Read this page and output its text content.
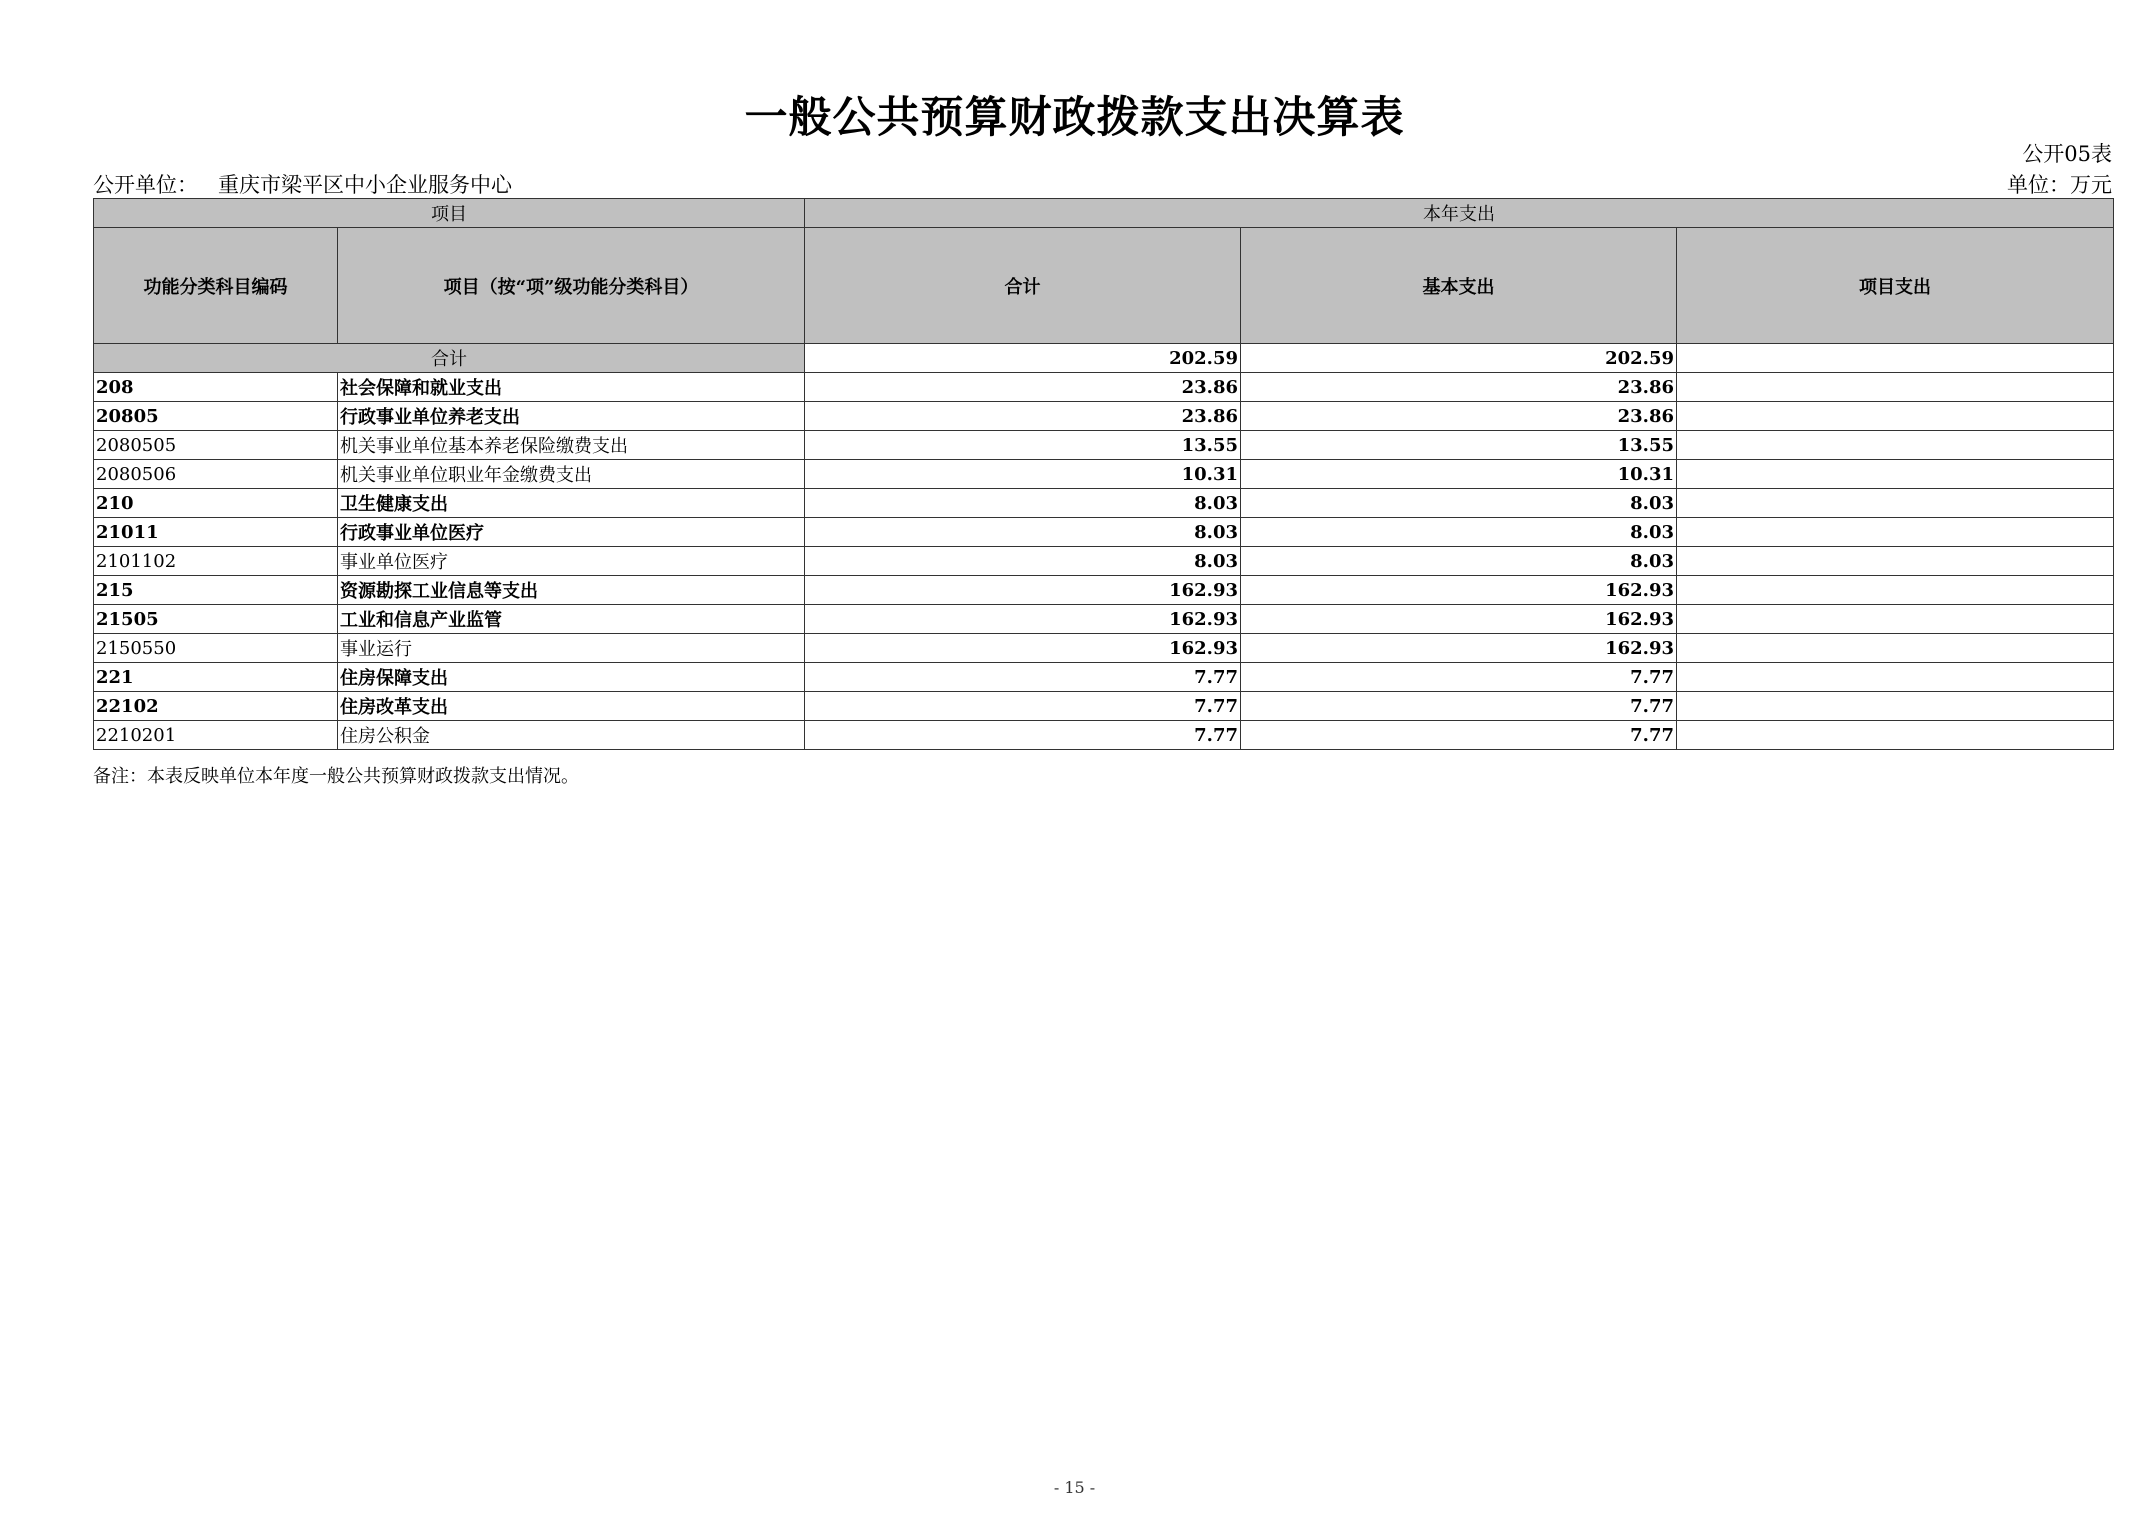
一般公共预算财政拨款支出决算表
公开05表
公开单位： 重庆市梁平区中小企业服务中心	单位：万元
项目		本年支出		
功能分类科目编码	项目（按“项”级功能分类科目）	合计	基本支出	项目支出
合计		202.59	202.59	
208	社会保障和就业支出	23.86	23.86	
20805	行政事业单位养老支出	23.86	23.86	
2080505	机关事业单位基本养老保险缴费支出	13.55	13.55	
2080506	机关事业单位职业年金缴费支出	10.31	10.31	
210	卫生健康支出	8.03	8.03	
21011	行政事业单位医疗	8.03	8.03	
2101102	事业单位医疗	8.03	8.03	
215	资源勘探工业信息等支出	162.93	162.93	
21505	工业和信息产业监管	162.93	162.93	
2150550	事业运行	162.93	162.93	
221	住房保障支出	7.77	7.77	
22102	住房改革支出	7.77	7.77	
2210201	住房公积金	7.77	7.77	
备注：本表反映单位本年度一般公共预算财政拨款支出情况。
- 15 -
